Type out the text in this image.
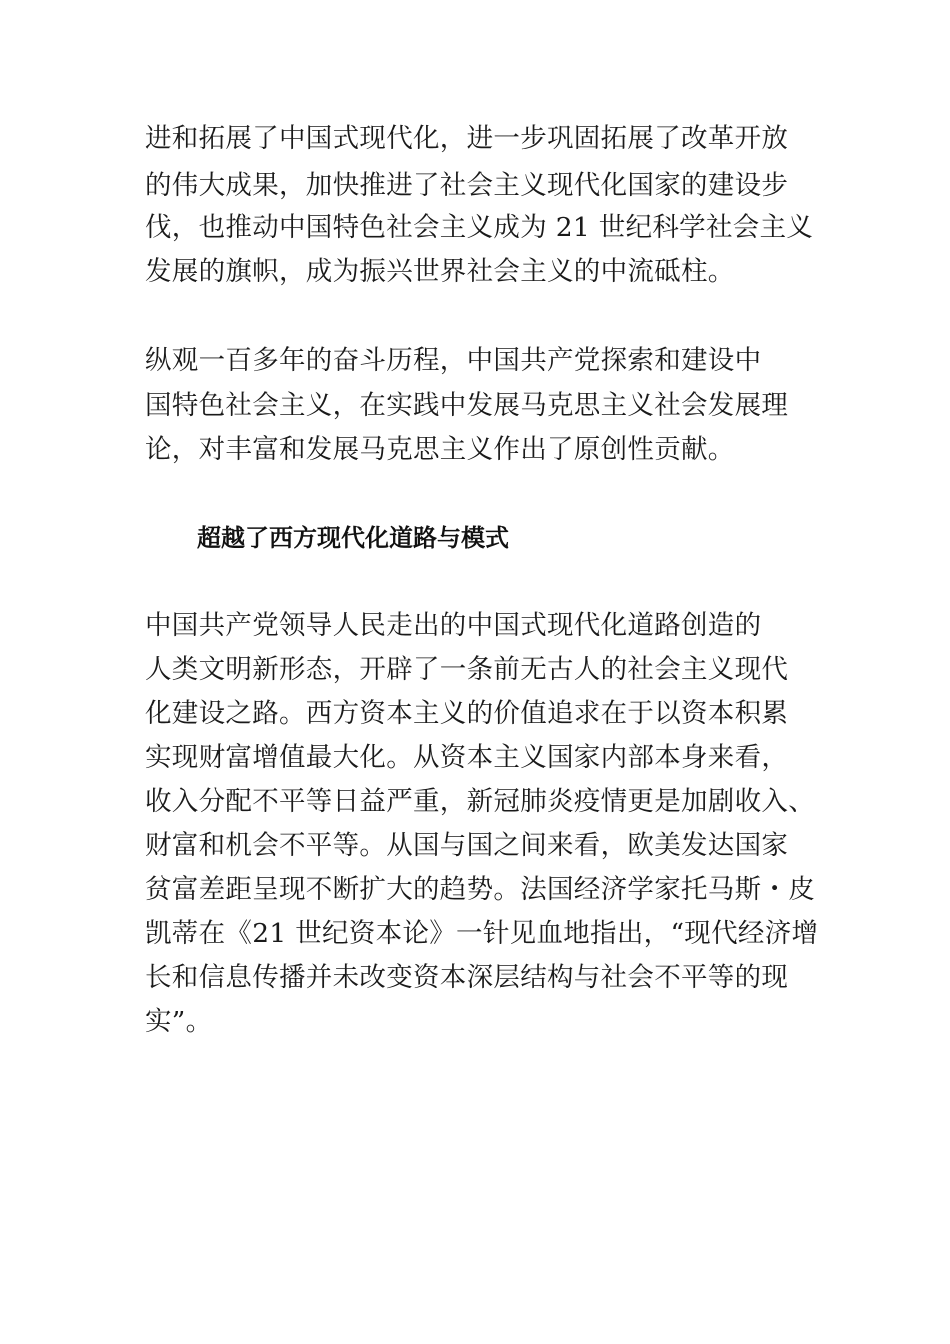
进和拓展了中国式现代化，进一步巩固拓展了改革开放
的伟大成果，加快推进了社会主义现代化国家的建设步
伐，也推动中国特色社会主义成为 21 世纪科学社会主义
发展的旗帜，成为振兴世界社会主义的中流砥柱。
纵观一百多年的奋斗历程，中国共产党探索和建设中
国特色社会主义，在实践中发展马克思主义社会发展理
论，对丰富和发展马克思主义作出了原创性贡献。
超越了西方现代化道路与模式
中国共产党领导人民走出的中国式现代化道路创造的
人类文明新形态，开辟了一条前无古人的社会主义现代
化建设之路。西方资本主义的价值追求在于以资本积累
实现财富增值最大化。从资本主义国家内部本身来看，
收入分配不平等日益严重，新冠肺炎疫情更是加剧收入、
财富和机会不平等。从国与国之间来看，欧美发达国家
贫富差距呈现不断扩大的趋势。法国经济学家托马斯・皮
凯蒂在《21 世纪资本论》一针见血地指出，“现代经济增
长和信息传播并未改变资本深层结构与社会不平等的现
实”。
